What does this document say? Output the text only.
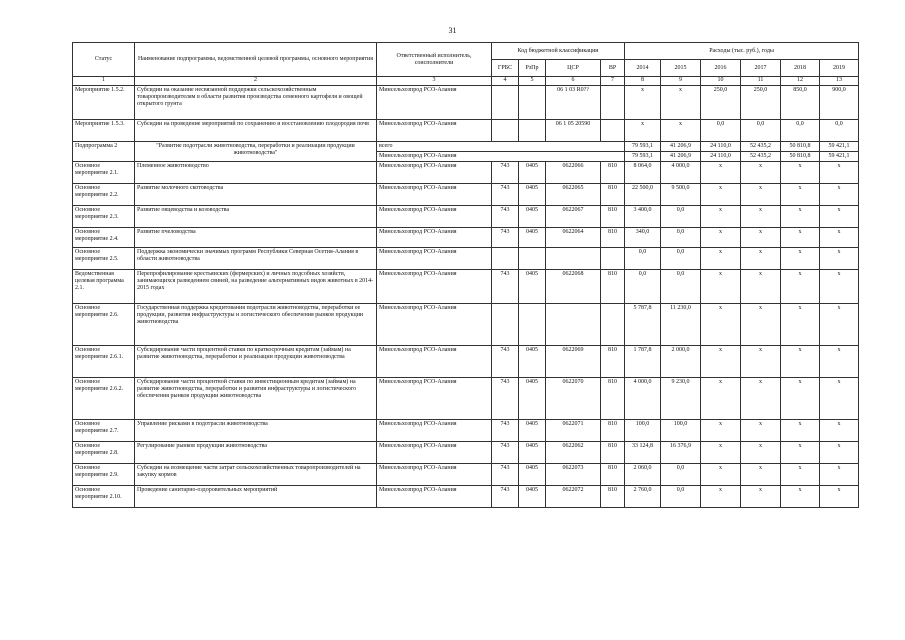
31
Статус	Наименование подпрограммы, ведомственной целевой программы, основного мероприятия	Ответственный исполнитель, соисполнители	Код бюджетной классификации				Расходы (тыс. руб.), годы					
			ГРБС	РзПр	ЦСР	ВР	2014	2015	2016	2017	2018	2019
1	2	3	4	5	6	7	8	9	10	11	12	13
Мероприятие 1.5.2.	Субсидии на оказание несвязанной поддержки сельскохозяйственным товаропроизводителям в области развития производства семенного картофеля и овощей открытого грунта	Минсельхозпрод РСО-Алания			06 1 03 R0??		х	х	250,0	250,0	850,0	900,0
Мероприятие 1.5.3.	Субсидии на проведение мероприятий по сохранению и восстановлению плодородия почв	Минсельхозпрод РСО-Алания			06 1 05 20590		х	х	0,0	0,0	0,0	0,0
Подпрограмма 2	"Развитие подотрасли животноводства, переработки и реализации продукции животноводства"	всего					79 593,1	41 206,9	24 110,0	52 435,2	50 810,8	59 421,1
		Минсельхозпрод РСО-Алания					79 593,1	41 206,9	24 110,0	52 435,2	50 810,8	59 421,1
Основное мероприятие 2.1.	Племенное животноводство	Минсельхозпрод РСО-Алания	743	0405	0622066	810	8 064,0	4 000,0	х	х	х	х
Основное мероприятие 2.2.	Развитие молочного скотоводства	Минсельхозпрод РСО-Алания	743	0405	0622065	810	22 500,0	9 500,0	х	х	х	х
Основное мероприятие 2.3.	Развитие овцеводства и козоводства	Минсельхозпрод РСО-Алания	743	0405	0622067	810	3 400,0	0,0	х	х	х	х
Основное мероприятие 2.4.	Развитие пчеловодства	Минсельхозпрод РСО-Алания	743	0405	0622064	810	340,0	0,0	х	х	х	х
Основное мероприятие 2.5.	Поддержка экономически значимых программ Республики Северная Осетия-Алания в области животноводства	Минсельхозпрод РСО-Алания					0,0	0,0	х	х	х	х
Ведомственная целевая программа 2.1.	Перепрофилирование крестьянских (фермерских) и личных подсобных хозяйств, занимающихся разведением свиней, на разведение альтернативных видов животных в 2014-2015 годах	Минсельхозпрод РСО-Алания	743	0405	0622068	810	0,0	0,0	х	х	х	х
Основное мероприятие 2.6.	Государственная поддержка кредитования подотрасли животноводства, переработки ее продукции, развития инфраструктуры и логистического обеспечения рынков продукции животноводства	Минсельхозпрод РСО-Алания					5 787,8	11 230,0	х	х	х	х
Основное мероприятие 2.6.1.	Субсидирование части процентной ставки по краткосрочным кредитам (займам) на развитие животноводства, переработки и реализации продукции животноводства	Минсельхозпрод РСО-Алания	743	0405	0622069	810	1 787,8	2 000,0	х	х	х	х
Основное мероприятие 2.6.2.	Субсидирование части процентной ставки по инвестиционным кредитам (займам) на развитие животноводства, переработки и развития инфраструктуры и логистического обеспечения рынков продукции животноводства	Минсельхозпрод РСО-Алания	743	0405	0622070	810	4 000,0	9 230,0	х	х	х	х
Основное мероприятие 2.7.	Управление рисками в подотрасли животноводства	Минсельхозпрод РСО-Алания	743	0405	0622071	810	100,0	100,0	х	х	х	х
Основное мероприятие 2.8.	Регулирование рынков продукции животноводства	Минсельхозпрод РСО-Алания	743	0405	0622062	810	33 124,8	16 376,9	х	х	х	х
Основное мероприятие 2.9.	Субсидии на возмещение части затрат сельскохозяйственных товаропроизводителей на закупку кормов	Минсельхозпрод РСО-Алания	743	0405	0622073	810	2 060,0	0,0	х	х	х	х
Основное мероприятие 2.10.	Проведение санитарно-оздоровительных мероприятий	Минсельхозпрод РСО-Алания	743	0405	0622072	810	2 760,0	0,0	х	х	х	х
